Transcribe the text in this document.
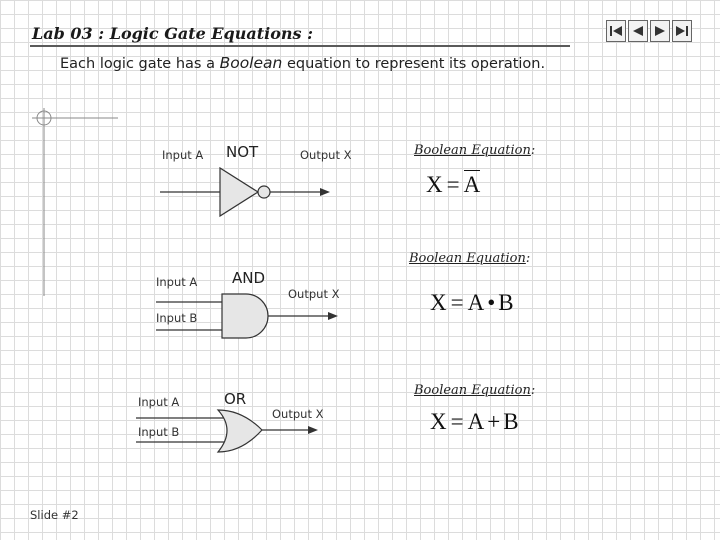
Lab 03 : Logic Gate Equations :
Each logic gate has a Boolean equation to represent its operation.
Input A NOT	Output X	Boolean Equation:
X = A
Boolean Equation:
Input A AND
Output X
Input B
X = A • B
Boolean Equation:
OR
Input A
Output X
Input B	X = A + B
Slide #2
